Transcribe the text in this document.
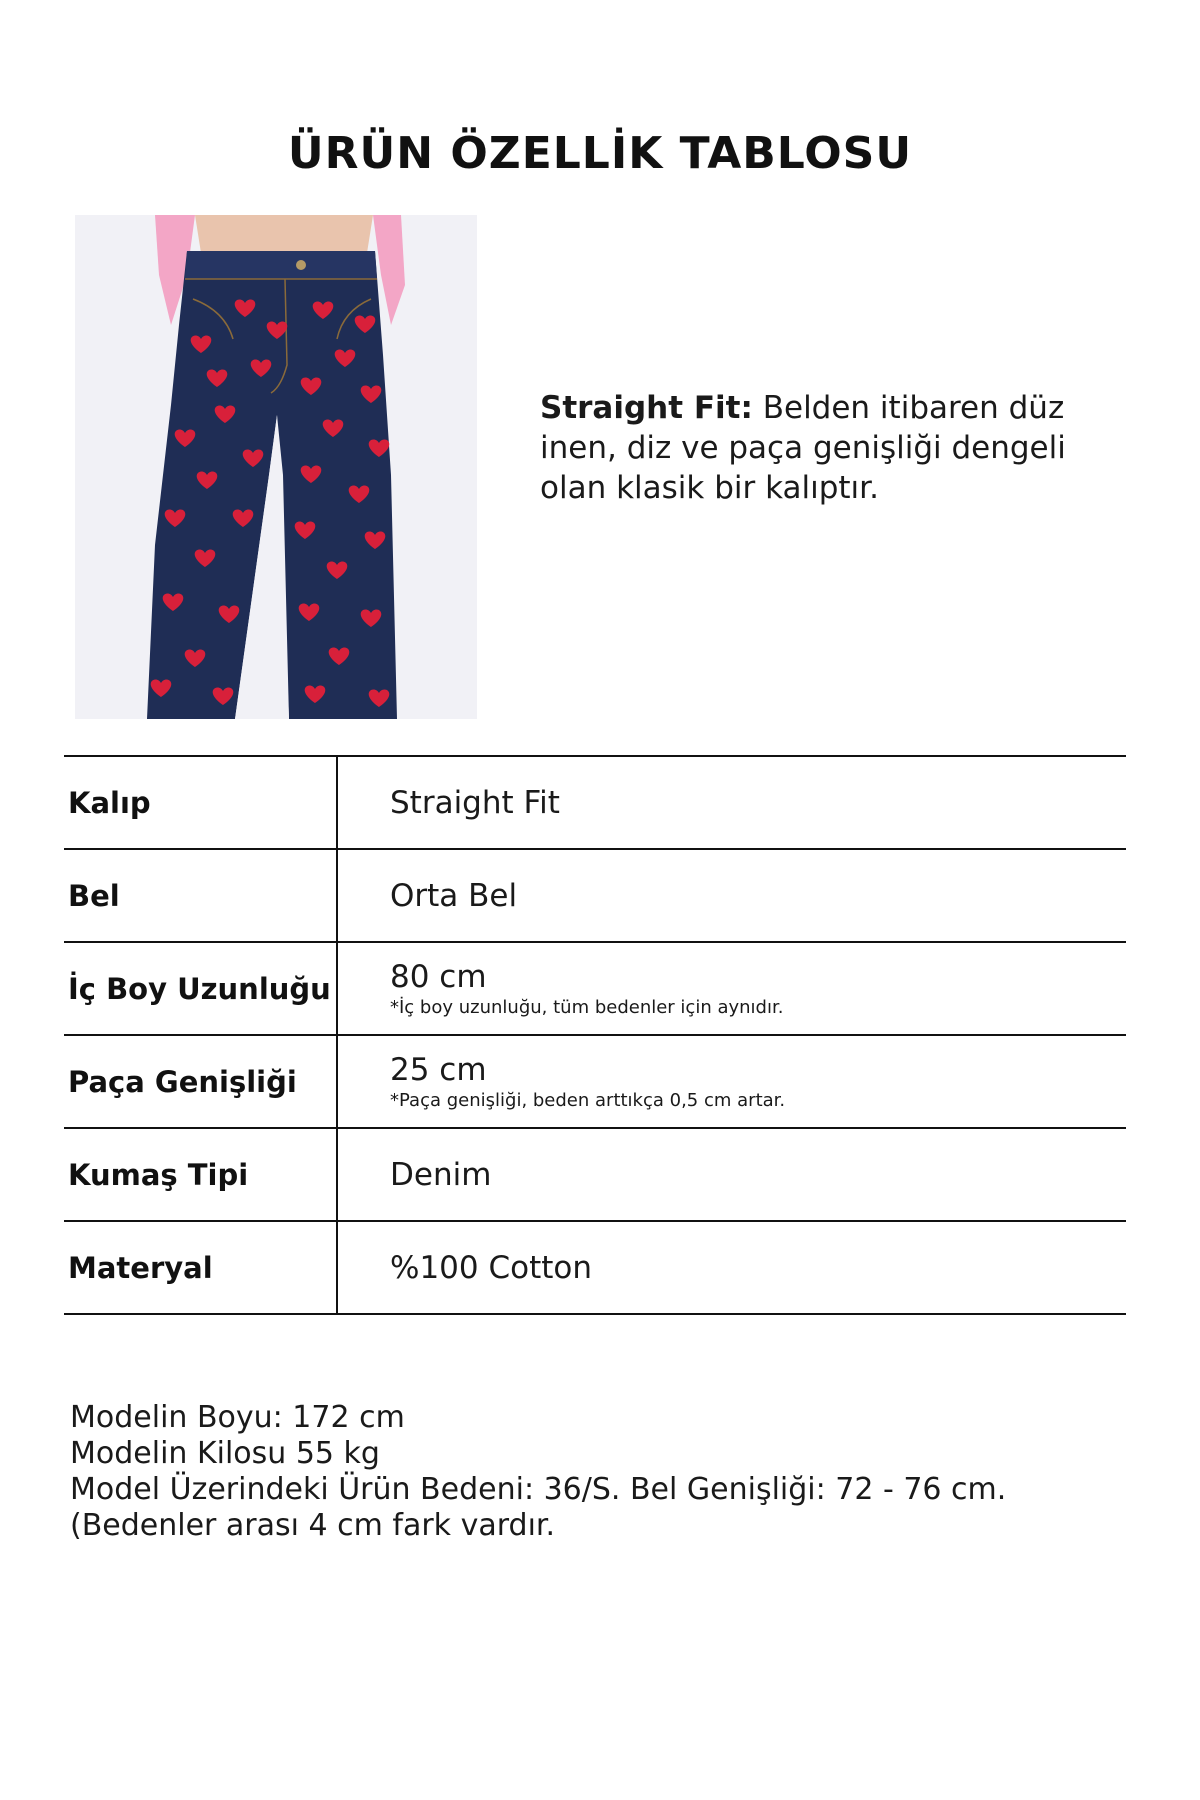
ÜRÜN ÖZELLİK TABLOSU

Straight Fit: Belden itibaren düz inen, diz ve paça genişliği dengeli olan klasik bir kalıptır.

Kalıp	Straight Fit
Bel	Orta Bel
İç Boy Uzunluğu	80 cm
*İç boy uzunluğu, tüm bedenler için aynıdır.

Paça Genişliği	25 cm
*Paça genişliği, beden arttıkça 0,5 cm artar.

Kumaş Tipi	Denim
Materyal	%100 Cotton
Modelin Boyu: 172 cm
Modelin Kilosu 55 kg
Model Üzerindeki Ürün Bedeni: 36/S. Bel Genişliği: 72 - 76 cm. (Bedenler arası 4 cm fark vardır.
